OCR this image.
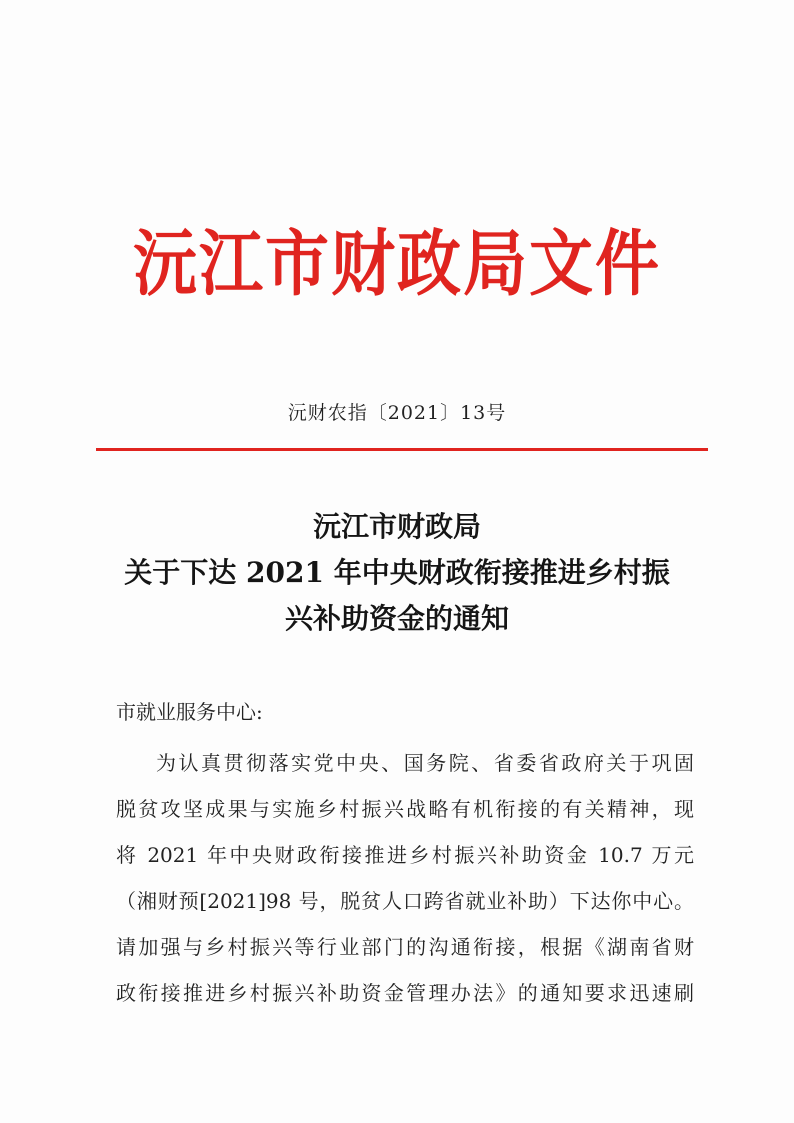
沅江市财政局文件
沅财农指〔2021〕13号
沅江市财政局
关于下达 2021 年中央财政衔接推进乡村振
兴补助资金的通知
市就业服务中心:
为认真贯彻落实党中央、国务院、省委省政府关于巩固
脱贫攻坚成果与实施乡村振兴战略有机衔接的有关精神，现
将 2021 年中央财政衔接推进乡村振兴补助资金 10.7 万元
（湘财预[2021]98 号，脱贫人口跨省就业补助）下达你中心。
请加强与乡村振兴等行业部门的沟通衔接，根据《湖南省财
政衔接推进乡村振兴补助资金管理办法》的通知要求迅速刷
